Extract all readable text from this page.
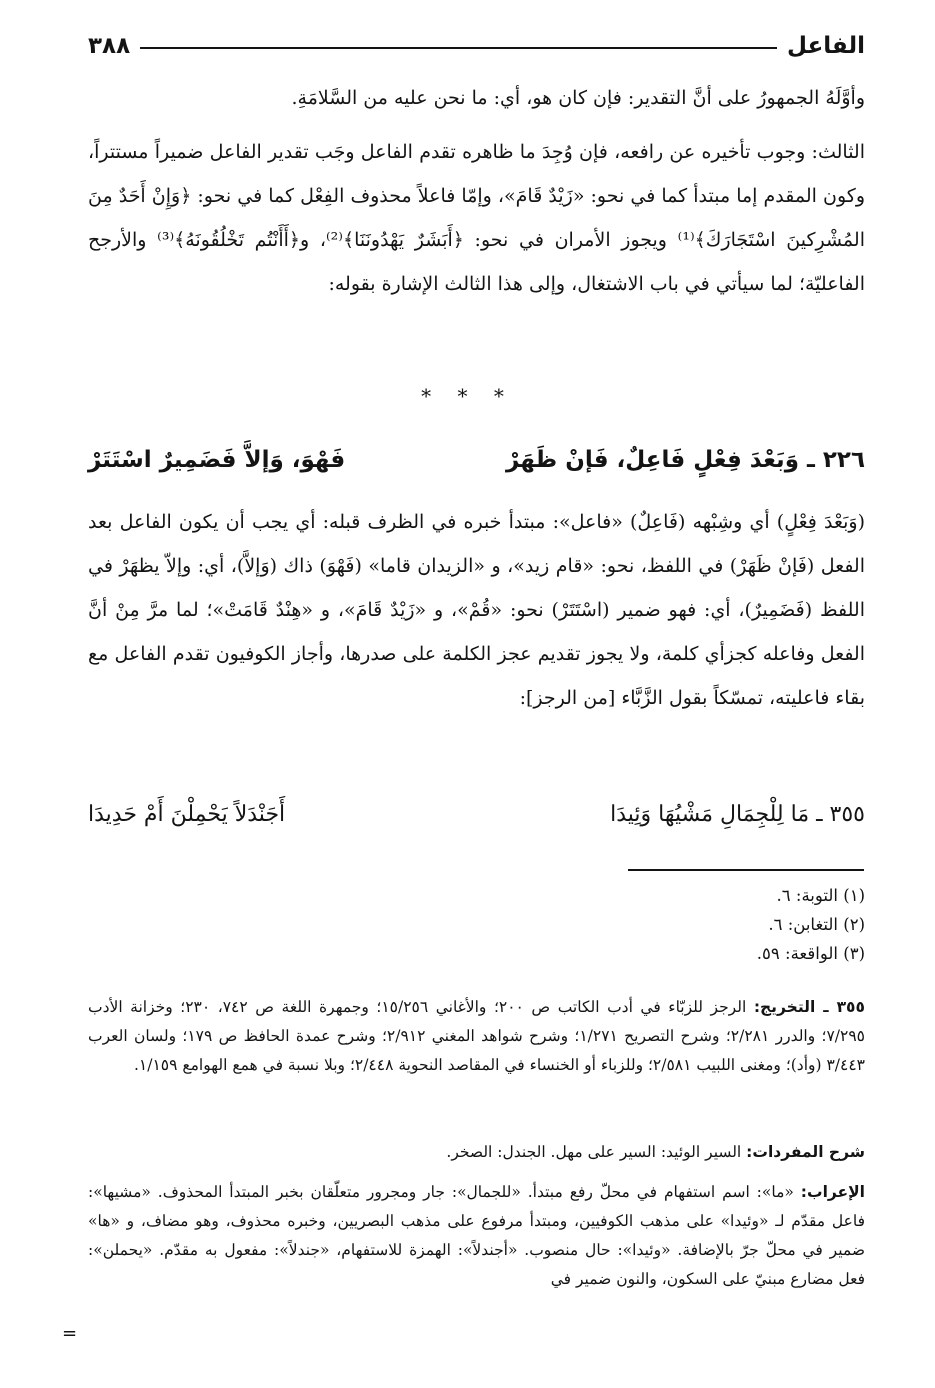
الفاعل
٣٨٨
وأوَّلَهُ الجمهورُ على أنَّ التقدير: فإن كان هو، أي: ما نحن عليه من السَّلامَةِ.
الثالث: وجوب تأخيره عن رافعه، فإن وُجِدَ ما ظاهره تقدم الفاعل وجَب تقدير الفاعل ضميراً مستتراً، وكون المقدم إما مبتدأ كما في نحو: «زَيْدٌ قَامَ»، وإمّا فاعلاً محذوف الفِعْل كما في نحو: ﴿وَإِنْ أَحَدٌ مِنَ المُشْرِكينَ اسْتَجَارَكَ﴾⁽¹⁾ ويجوز الأمران في نحو: ﴿أَبَشَرٌ يَهْدُونَنَا﴾⁽²⁾، و﴿أَأَنْتُم تَخْلُقُونَهُ﴾⁽³⁾ والأرجح الفاعليّة؛ لما سيأتي في باب الاشتغال، وإلى هذا الثالث الإشارة بقوله:
* * *
٢٢٦ ـ وَبَعْدَ فِعْلٍ فَاعِلٌ، فَإنْ ظَهَرْ
فَهْوَ، وَإلاَّ فَضَمِيرٌ اسْتَتَرْ
(وَبَعْدَ فِعْلٍ) أي وشِبْهه (فَاعِلٌ) «فاعل»: مبتدأ خبره في الظرف قبله: أي يجب أن يكون الفاعل بعد الفعل (فَإنْ ظَهَرْ) في اللفظ، نحو: «قام زيد»، و «الزيدان قاما» (فَهْوَ) ذاك (وَإلاَّ)، أي: وإلاّ يظهَرْ في اللفظ (فَضَمِيرٌ)، أي: فهو ضمير (اسْتَتَرْ) نحو: «قُمْ»، و «زَيْدٌ قَامَ»، و «هِنْدٌ قَامَتْ»؛ لما مرَّ مِنْ أنَّ الفعل وفاعله كجزأي كلمة، ولا يجوز تقديم عجز الكلمة على صدرها، وأجاز الكوفيون تقدم الفاعل مع بقاء فاعليته، تمسّكاً بقول الزَّبَّاء [من الرجز]:
٣٥٥ ـ مَا لِلْجِمَالِ مَشْيُهَا وَئِيدَا
أَجَنْدَلاً يَحْمِلْنَ أَمْ حَدِيدَا
(١) التوبة: ٦.
(٢) التغابن: ٦.
(٣) الواقعة: ٥٩.
٣٥٥ ـ التخريج: الرجز للزبّاء في أدب الكاتب ص ٢٠٠؛ والأغاني ١٥/٢٥٦؛ وجمهرة اللغة ص ٧٤٢، ٢٣٠؛ وخزانة الأدب ٧/٢٩٥؛ والدرر ٢/٢٨١؛ وشرح التصريح ١/٢٧١؛ وشرح شواهد المغني ٢/٩١٢؛ وشرح عمدة الحافظ ص ١٧٩؛ ولسان العرب ٣/٤٤٣ (وأد)؛ ومغنى اللبيب ٢/٥٨١؛ وللزباء أو الخنساء في المقاصد النحوية ٢/٤٤٨؛ وبلا نسبة في همع الهوامع ١/١٥٩.
شرح المفردات: السير الوئيد: السير على مهل. الجندل: الصخر.
الإعراب: «ما»: اسم استفهام في محلّ رفع مبتدأ. «للجمال»: جار ومجرور متعلّقان بخبر المبتدأ المحذوف. «مشيها»: فاعل مقدّم لـ «وئيدا» على مذهب الكوفيين، ومبتدأ مرفوع على مذهب البصريين، وخبره محذوف، وهو مضاف، و «ها» ضمير في محلّ جرّ بالإضافة. «وئيدا»: حال منصوب. «أجندلاً»: الهمزة للاستفهام، «جندلاً»: مفعول به مقدّم. «يحملن»: فعل مضارع مبنيّ على السكون، والنون ضمير في
=
